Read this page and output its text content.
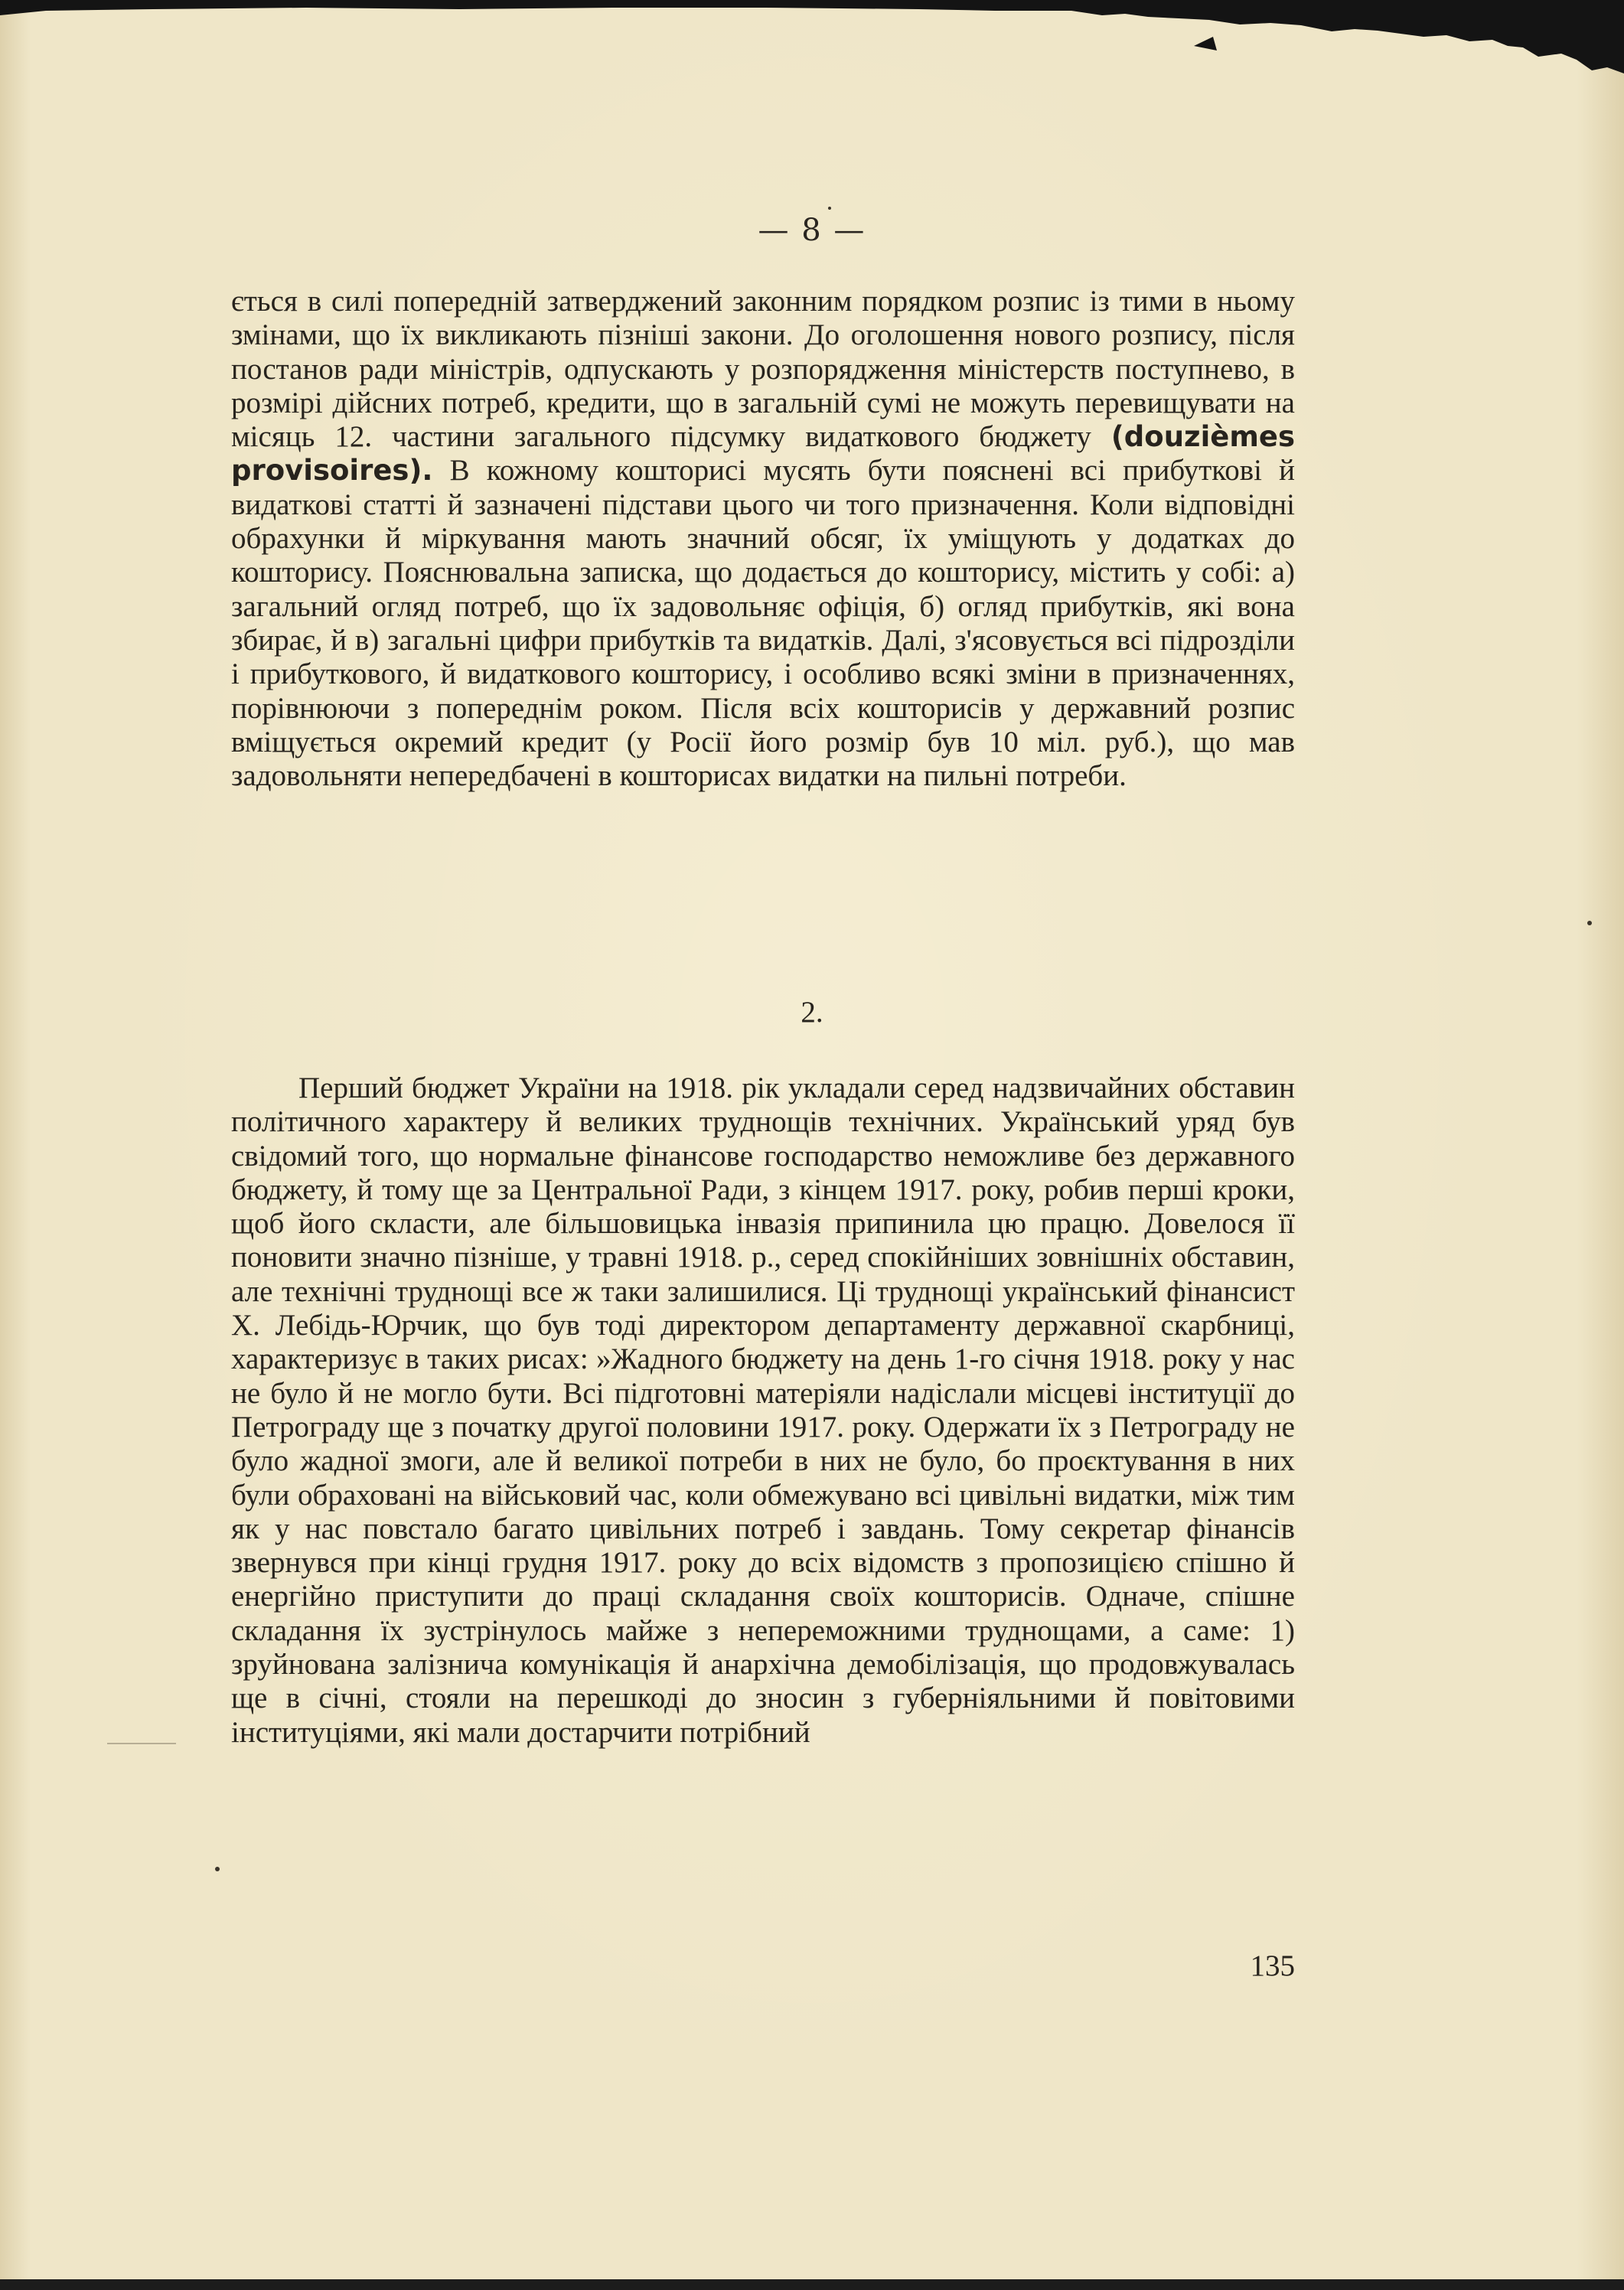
— 8 —

ється в силі попередній затверджений законним порядком розпис із тими в ньому змінами, що їх викликають пізніші закони. До оголошення нового розпису, після постанов ради міністрів, одпускають у розпорядження міністерств поступнево, в розмірі дійсних потреб, кредити, що в загальній сумі не можуть перевищувати на місяць 12. частини загального підсумку видаткового бюджету (douzièmes provisoires). В кожному кошторисі мусять бути пояснені всі прибуткові й видаткові статті й зазначені підстави цього чи того призначення. Коли відповідні обрахунки й міркування мають значний обсяг, їх уміщують у додатках до кошторису. Пояснювальна записка, що додається до кошторису, містить у собі: а) загальний огляд потреб, що їх задовольняє офіція, б) огляд прибутків, які вона збирає, й в) загальні цифри прибутків та видатків. Далі, з'ясовується всі підрозділи і прибуткового, й видаткового кошторису, і особливо всякі зміни в призначеннях, порівнюючи з попереднім роком. Після всіх кошторисів у державний розпис вміщується окремий кредит (у Росії його розмір був 10 міл. руб.), що мав задовольняти непередбачені в кошторисах видатки на пильні потреби.

2.

Перший бюджет України на 1918. рік укладали серед надзвичайних обставин політичного характеру й великих труднощів технічних. Український уряд був свідомий того, що нормальне фінансове господарство неможливе без державного бюджету, й тому ще за Центральної Ради, з кінцем 1917. року, робив перші кроки, щоб його скласти, але більшовицька інвазія припинила цю працю. Довелося її поновити значно пізніше, у травні 1918. р., серед спокійніших зовнішніх обставин, але технічні труднощі все ж таки залишилися. Ці труднощі український фінансист Х. Лебідь-Юрчик, що був тоді директором департаменту державної скарбниці, характеризує в таких рисах: »Жадного бюджету на день 1-го січня 1918. року у нас не було й не могло бути. Всі підготовні матеріяли надіслали місцеві інституції до Петрограду ще з початку другої половини 1917. року. Одержати їх з Петрограду не було жадної змоги, але й великої потреби в них не було, бо проєктування в них були обраховані на військовий час, коли обмежувано всі цивільні видатки, між тим як у нас повстало багато цивільних потреб і завдань. Тому секретар фінансів звернувся при кінці грудня 1917. року до всіх відомств з пропозицією спішно й енергійно приступити до праці складання своїх кошторисів. Одначе, спішне складання їх зустрінулось майже з непереможними труднощами, а саме: 1) зруйнована залізнича комунікація й анархічна демобілізація, що продовжувалась ще в січні, стояли на перешкоді до зносин з губерніяльними й повітовими інституціями, які мали достарчити потрібний

135
